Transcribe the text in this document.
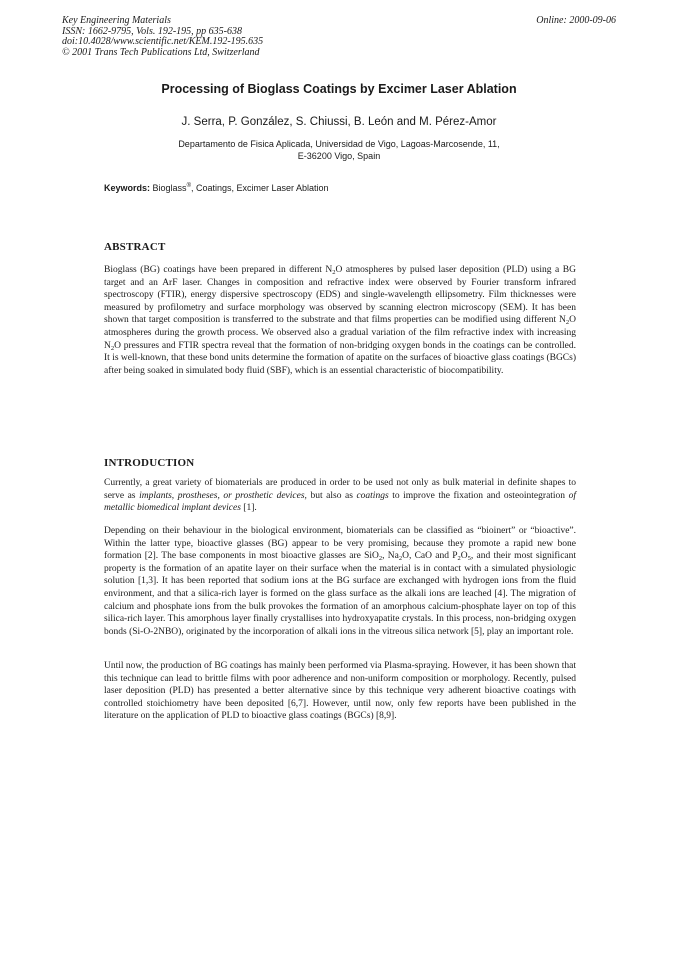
Key Engineering Materials
ISSN: 1662-9795, Vols. 192-195, pp 635-638
doi:10.4028/www.scientific.net/KEM.192-195.635
© 2001 Trans Tech Publications Ltd, Switzerland
Online: 2000-09-06
Processing of Bioglass Coatings by Excimer Laser Ablation
J. Serra, P. González, S. Chiussi, B. León and M. Pérez-Amor
Departamento de Fisica Aplicada, Universidad de Vigo, Lagoas-Marcosende, 11,
E-36200 Vigo, Spain
Keywords: Bioglass®, Coatings, Excimer Laser Ablation
ABSTRACT
Bioglass (BG) coatings have been prepared in different $N_2O$ atmospheres by pulsed laser deposition (PLD) using a BG target and an ArF laser. Changes in composition and refractive index were observed by Fourier transform infrared spectroscopy (FTIR), energy dispersive spectroscopy (EDS) and single-wavelength ellipsometry. Film thicknesses were measured by profilometry and surface morphology was observed by scanning electron microscopy (SEM). It has been shown that target composition is transferred to the substrate and that films properties can be modified using different $N_2O$ atmospheres during the growth process. We observed also a gradual variation of the film refractive index with increasing $N_2O$ pressures and FTIR spectra reveal that the formation of non-bridging oxygen bonds in the coatings can be controlled. It is well-known, that these bond units determine the formation of apatite on the surfaces of bioactive glass coatings (BGCs) after being soaked in simulated body fluid (SBF), which is an essential characteristic of biocompatibility.
INTRODUCTION
Currently, a great variety of biomaterials are produced in order to be used not only as bulk material in definite shapes to serve as implants, prostheses, or prosthetic devices, but also as coatings to improve the fixation and osteointegration of metallic biomedical implant devices [1].
Depending on their behaviour in the biological environment, biomaterials can be classified as “bioinert” or “bioactive”. Within the latter type, bioactive glasses (BG) appear to be very promising, because they promote a rapid new bone formation [2]. The base components in most bioactive glasses are SiO$_2$, $Na_2O$, CaO and $P_2O_5$, and their most significant property is the formation of an apatite layer on their surface when the material is in contact with a simulated physiologic solution [1,3]. It has been reported that sodium ions at the BG surface are exchanged with hydrogen ions from the fluid environment, and that a silica-rich layer is formed on the glass surface as the alkali ions are leached [4]. The migration of calcium and phosphate ions from the bulk provokes the formation of an amorphous calcium-phosphate layer on top of this silica-rich layer. This amorphous layer finally crystallises into hydroxyapatite crystals. In this process, non-bridging oxygen bonds (Si-O-2NBO), originated by the incorporation of alkali ions in the vitreous silica network [5], play an important role.
Until now, the production of BG coatings has mainly been performed via Plasma-spraying. However, it has been shown that this technique can lead to brittle films with poor adherence and non-uniform composition or morphology. Recently, pulsed laser deposition (PLD) has presented a better alternative since by this technique very adherent bioactive coatings with controlled stoichiometry have been deposited [6,7]. However, until now, only few reports have been published in the literature on the application of PLD to bioactive glass coatings (BGCs) [8,9].
